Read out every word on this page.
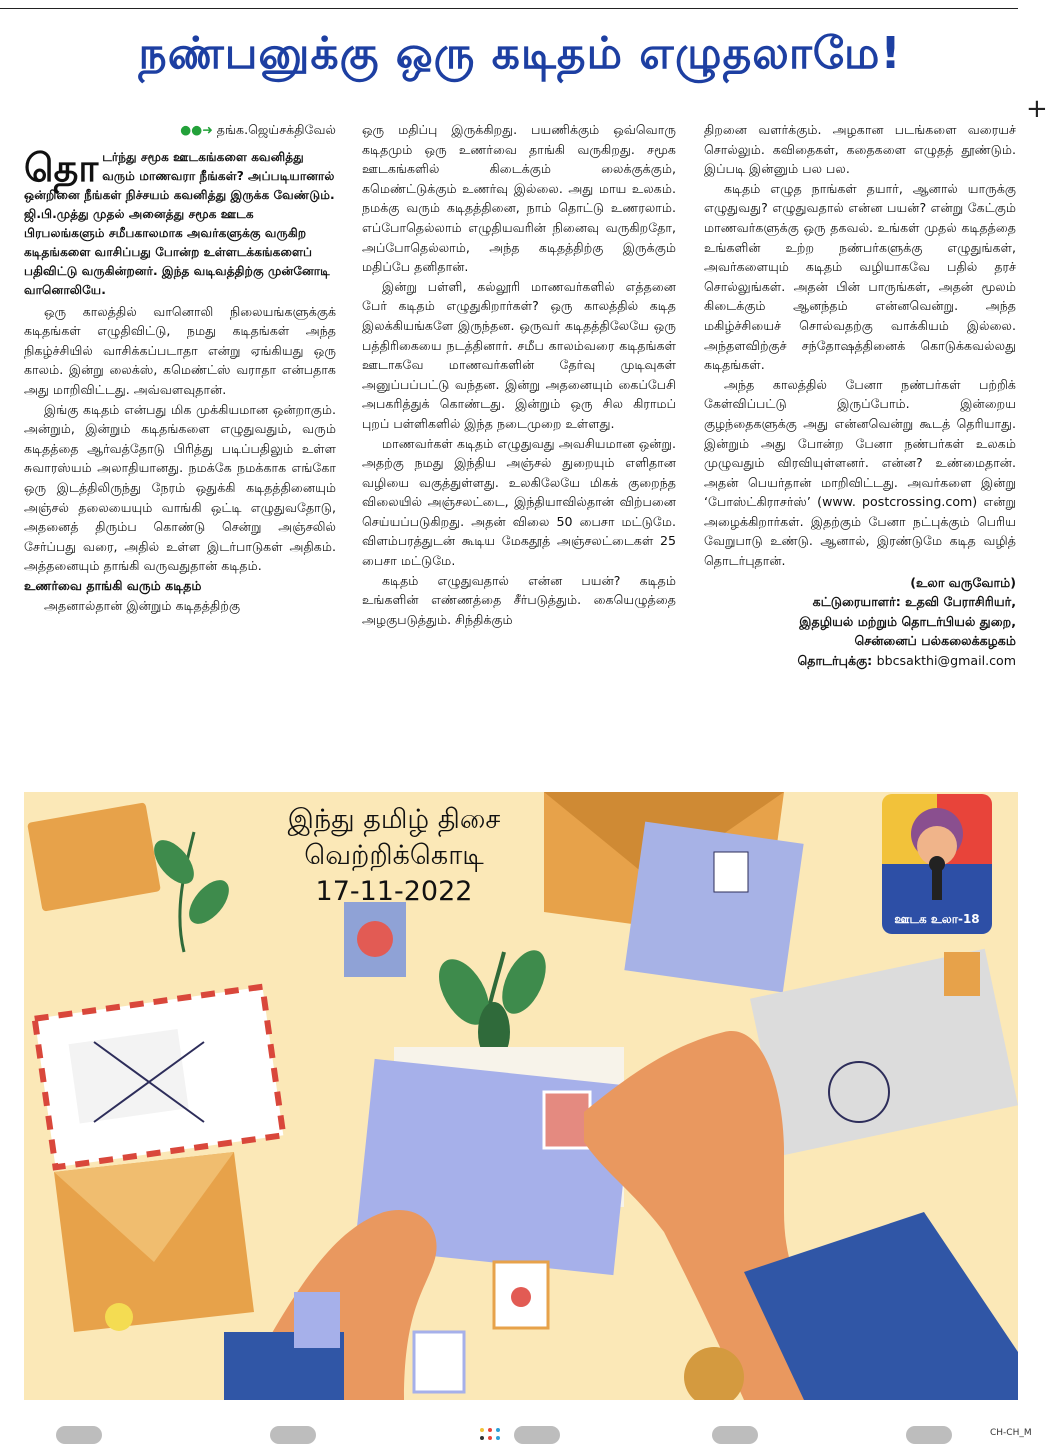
+
நண்பனுக்கு ஒரு கடிதம் எழுதலாமே!
●●➜ தங்க.ஜெய்சக்திவேல்
தொடர்ந்து சமூக ஊடகங்களை கவனித்து வரும் மாணவரா நீங்கள்? அப்படியானால் ஒன்றினை நீங்கள் நிச்சயம் கவனித்து இருக்க வேண்டும். ஜி.பி.முத்து முதல் அனைத்து சமூக ஊடக பிரபலங்களும் சமீபகாலமாக அவர்களுக்கு வருகிற கடிதங்களை வாசிப்பது போன்ற உள்ளடக்கங்களைப் பதிவிட்டு வருகின்றனர். இந்த வடிவத்திற்கு முன்னோடி வானொலியே.

ஒரு காலத்தில் வானொலி நிலையங்களுக்குக் கடிதங்கள் எழுதிவிட்டு, நமது கடிதங்கள் அந்த நிகழ்ச்சியில் வாசிக்கப்படாதா என்று ஏங்கியது ஒரு காலம். இன்று லைக்ஸ், கமெண்ட்ஸ் வராதா என்பதாக அது மாறிவிட்டது. அவ்வளவுதான்.

இங்கு கடிதம் என்பது மிக முக்கியமான ஒன்றாகும். அன்றும், இன்றும் கடிதங்களை எழுதுவதும், வரும் கடிதத்தை ஆர்வத்தோடு பிரித்து படிப்பதிலும் உள்ள சுவாரஸ்யம் அலாதியானது. நமக்கே நமக்காக எங்கோ ஒரு இடத்திலிருந்து நேரம் ஒதுக்கி கடிதத்தினையும் அஞ்சல் தலையையும் வாங்கி ஒட்டி எழுதுவதோடு, அதனைத் திரும்ப கொண்டு சென்று அஞ்சலில் சேர்ப்பது வரை, அதில் உள்ள இடர்பாடுகள் அதிகம். அத்தனையும் தாங்கி வருவதுதான் கடிதம்.

உணர்வை தாங்கி வரும் கடிதம்

அதனால்தான் இன்றும் கடிதத்திற்கு

ஒரு மதிப்பு இருக்கிறது. பயணிக்கும் ஒவ்வொரு கடிதமும் ஒரு உணர்வை தாங்கி வருகிறது. சமூக ஊடகங்களில் கிடைக்கும் லைக்குக்கும், கமெண்ட்டுக்கும் உணர்வு இல்லை. அது மாய உலகம். நமக்கு வரும் கடிதத்தினை, நாம் தொட்டு உணரலாம். எப்போதெல்லாம் எழுதியவரின் நினைவு வருகிறதோ, அப்போதெல்லாம், அந்த கடிதத்திற்கு இருக்கும் மதிப்பே தனிதான்.

இன்று பள்ளி, கல்லூரி மாணவர்களில் எத்தனை பேர் கடிதம் எழுதுகிறார்கள்? ஒரு காலத்தில் கடித இலக்கியங்களே இருந்தன. ஒருவர் கடிதத்திலேயே ஒரு பத்திரிகையை நடத்தினார். சமீப காலம்வரை கடிதங்கள் ஊடாகவே மாணவர்களின் தேர்வு முடிவுகள் அனுப்பப்பட்டு வந்தன. இன்று அதனையும் கைப்பேசி அபகரித்துக் கொண்டது. இன்றும் ஒரு சில கிராமப் புறப் பள்ளிகளில் இந்த நடைமுறை உள்ளது.

மாணவர்கள் கடிதம் எழுதுவது அவசியமான ஒன்று. அதற்கு நமது இந்திய அஞ்சல் துறையும் எளிதான வழியை வகுத்துள்ளது. உலகிலேயே மிகக் குறைந்த விலையில் அஞ்சலட்டை, இந்தியாவில்தான் விற்பனை செய்யப்படுகிறது. அதன் விலை 50 பைசா மட்டுமே. விளம்பரத்துடன் கூடிய மேகதூத் அஞ்சலட்டைகள் 25 பைசா மட்டுமே.

கடிதம் எழுதுவதால் என்ன பயன்? கடிதம் உங்களின் எண்ணத்தை சீர்படுத்தும். கையெழுத்தை அழகுபடுத்தும். சிந்திக்கும்

திறனை வளர்க்கும். அழகான படங்களை வரையச் சொல்லும். கவிதைகள், கதைகளை எழுதத் தூண்டும். இப்படி இன்னும் பல பல.

கடிதம் எழுத நாங்கள் தயார், ஆனால் யாருக்கு எழுதுவது? எழுதுவதால் என்ன பயன்? என்று கேட்கும் மாணவர்களுக்கு ஒரு தகவல். உங்கள் முதல் கடிதத்தை உங்களின் உற்ற நண்பர்களுக்கு எழுதுங்கள், அவர்களையும் கடிதம் வழியாகவே பதில் தரச் சொல்லுங்கள். அதன் பின் பாருங்கள், அதன் மூலம் கிடைக்கும் ஆனந்தம் என்னவென்று. அந்த மகிழ்ச்சியைச் சொல்வதற்கு வாக்கியம் இல்லை. அந்தளவிற்குச் சந்தோஷத்தினைக் கொடுக்கவல்லது கடிதங்கள்.

அந்த காலத்தில் பேனா நண்பர்கள் பற்றிக் கேள்விப்பட்டு இருப்போம். இன்றைய குழந்தைகளுக்கு அது என்னவென்று கூடத் தெரியாது. இன்றும் அது போன்ற பேனா நண்பர்கள் உலகம் முழுவதும் விரவியுள்ளனர். என்ன? உண்மைதான். அதன் பெயர்தான் மாறிவிட்டது. அவர்களை இன்று ‘போஸ்ட்கிராசர்ஸ்’ (www. postcrossing.com) என்று அழைக்கிறார்கள். இதற்கும் பேனா நட்புக்கும் பெரிய வேறுபாடு உண்டு. ஆனால், இரண்டுமே கடித வழித் தொடர்புதான்.

(உலா வருவோம்)
கட்டுரையாளர்: உதவி பேராசிரியர்,
இதழியல் மற்றும் தொடர்பியல் துறை,
சென்னைப் பல்கலைக்கழகம்
தொடர்புக்கு: bbcsakthi@gmail.com
இந்து தமிழ் திசை
வெற்றிக்கொடி
17-11-2022
ஊடக உலா-18
CH-CH_M
